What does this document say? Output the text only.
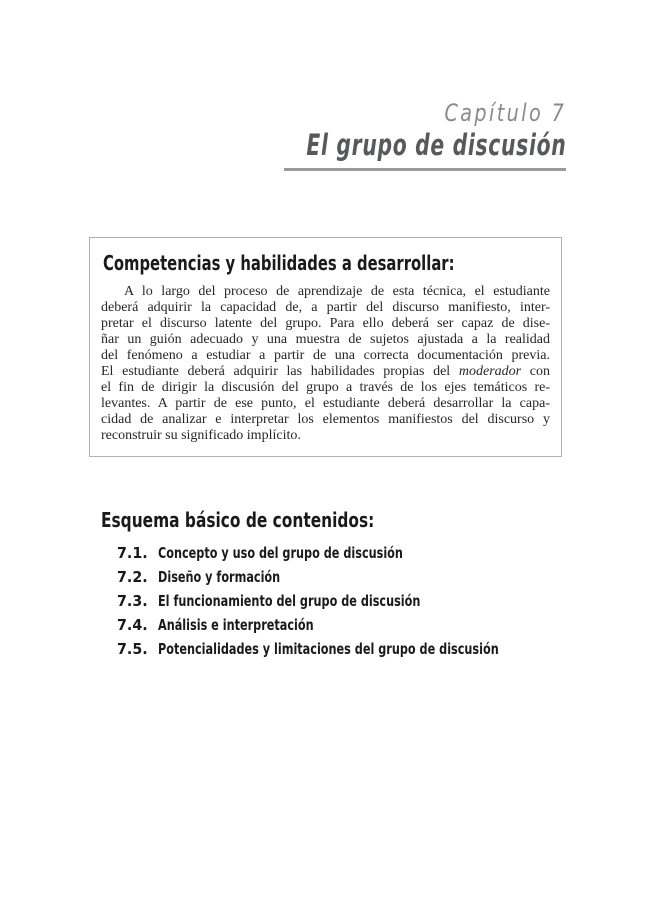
Capítulo 7
El grupo de discusión
Competencias y habilidades a desarrollar:
A lo largo del proceso de aprendizaje de esta técnica, el estudiante
deberá adquirir la capacidad de, a partir del discurso manifiesto, inter-
pretar el discurso latente del grupo. Para ello deberá ser capaz de dise-
ñar un guión adecuado y una muestra de sujetos ajustada a la realidad
del fenómeno a estudiar a partir de una correcta documentación previa.
El estudiante deberá adquirir las habilidades propias del moderador con
el fin de dirigir la discusión del grupo a través de los ejes temáticos re-
levantes. A partir de ese punto, el estudiante deberá desarrollar la capa-
cidad de analizar e interpretar los elementos manifiestos del discurso y
reconstruir su significado implícito.
Esquema básico de contenidos:
7.1. Concepto y uso del grupo de discusión
7.2. Diseño y formación
7.3. El funcionamiento del grupo de discusión
7.4. Análisis e interpretación
7.5. Potencialidades y limitaciones del grupo de discusión
